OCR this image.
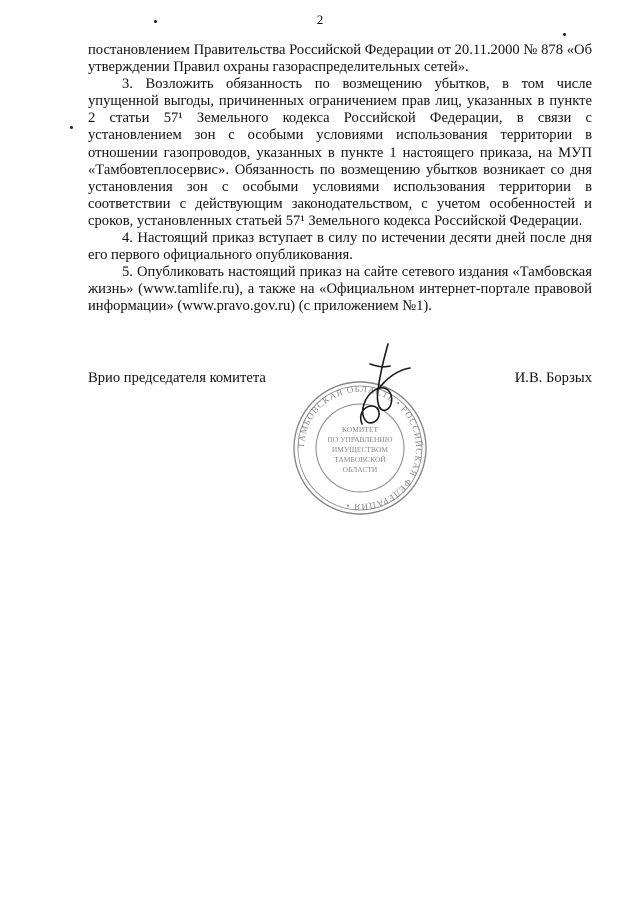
2

постановлением Правительства Российской Федерации от 20.11.2000 № 878 «Об утверждении Правил охраны газораспределительных сетей».

3. Возложить обязанность по возмещению убытков, в том числе упущенной выгоды, причиненных ограничением прав лиц, указанных в пункте 2 статьи 57¹ Земельного кодекса Российской Федерации, в связи с установлением зон с особыми условиями использования территории в отношении газопроводов, указанных в пункте 1 настоящего приказа, на МУП «Тамбовтеплосервис». Обязанность по возмещению убытков возникает со дня установления зон с особыми условиями использования территории в соответствии с действующим законодательством, с учетом особенностей и сроков, установленных статьей 57¹ Земельного кодекса Российской Федерации.

4. Настоящий приказ вступает в силу по истечении десяти дней после дня его первого официального опубликования.

5. Опубликовать настоящий приказ на сайте сетевого издания «Тамбовская жизнь» (www.tamlife.ru), а также на «Официальном интернет-портале правовой информации» (www.pravo.gov.ru) (с приложением №1).

Врио председателя комитета	И.В. Борзых
ТАМБОВСКАЯ ОБЛАСТЬ • РОССИЙСКАЯ ФЕДЕРАЦИЯ •
КОМИТЕТ
ПО УПРАВЛЕНИЮ
ИМУЩЕСТВОМ
ТАМБОВСКОЙ
ОБЛАСТИ
